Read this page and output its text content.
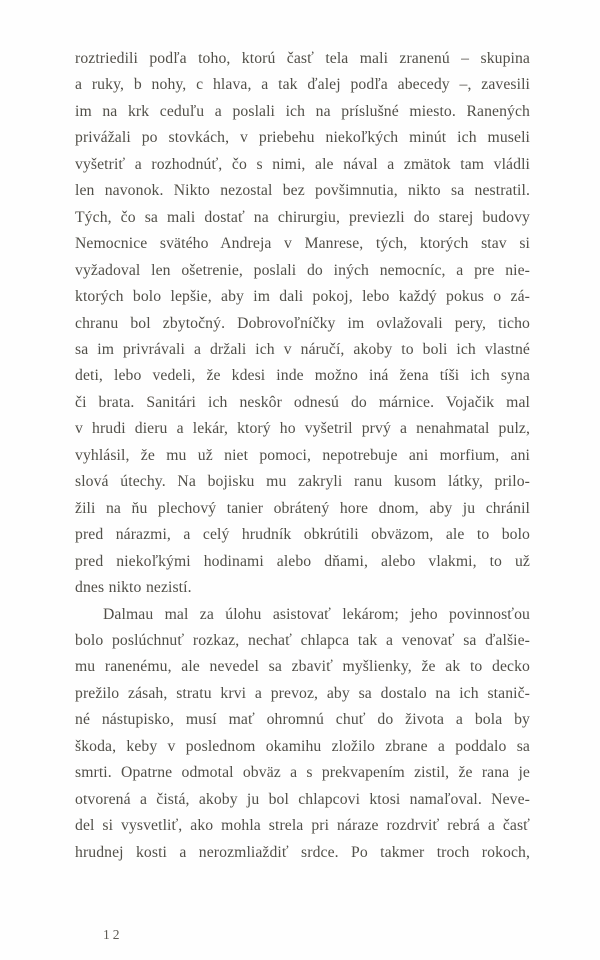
roztriedili podľa toho, ktorú časť tela mali zranenú – skupina
a ruky, b nohy, c hlava, a tak ďalej podľa abecedy –, zavesili
im na krk ceduľu a poslali ich na príslušné miesto. Ranených
privážali po stovkách, v priebehu niekoľkých minút ich museli
vyšetriť a rozhodnúť, čo s nimi, ale nával a zmätok tam vládli
len navonok. Nikto nezostal bez povšimnutia, nikto sa nestratil.
Tých, čo sa mali dostať na chirurgiu, previezli do starej budovy
Nemocnice svätého Andreja v Manrese, tých, ktorých stav si
vyžadoval len ošetrenie, poslali do iných nemocníc, a pre nie-
ktorých bolo lepšie, aby im dali pokoj, lebo každý pokus o zá-
chranu bol zbytočný. Dobrovoľníčky im ovlažovali pery, ticho
sa im privrávali a držali ich v náručí, akoby to boli ich vlastné
deti, lebo vedeli, že kdesi inde možno iná žena tíši ich syna
či brata. Sanitári ich neskôr odnesú do márnice. Vojačik mal
v hrudi dieru a lekár, ktorý ho vyšetril prvý a nenahmatal pulz,
vyhlásil, že mu už niet pomoci, nepotrebuje ani morfium, ani
slová útechy. Na bojisku mu zakryli ranu kusom látky, prilo-
žili na ňu plechový tanier obrátený hore dnom, aby ju chránil
pred nárazmi, a celý hrudník obkrútili obväzom, ale to bolo
pred niekoľkými hodinami alebo dňami, alebo vlakmi, to už
dnes nikto nezistí.
Dalmau mal za úlohu asistovať lekárom; jeho povinnosťou
bolo poslúchnuť rozkaz, nechať chlapca tak a venovať sa ďalšie-
mu ranenému, ale nevedel sa zbaviť myšlienky, že ak to decko
prežilo zásah, stratu krvi a prevoz, aby sa dostalo na ich stanič-
né nástupisko, musí mať ohromnú chuť do života a bola by
škoda, keby v poslednom okamihu zložilo zbrane a poddalo sa
smrti. Opatrne odmotal obväz a s prekvapením zistil, že rana je
otvorená a čistá, akoby ju bol chlapcovi ktosi namaľoval. Neve-
del si vysvetliť, ako mohla strela pri náraze rozdrviť rebrá a časť
hrudnej kosti a nerozmliaždiť srdce. Po takmer troch rokoch,
12
